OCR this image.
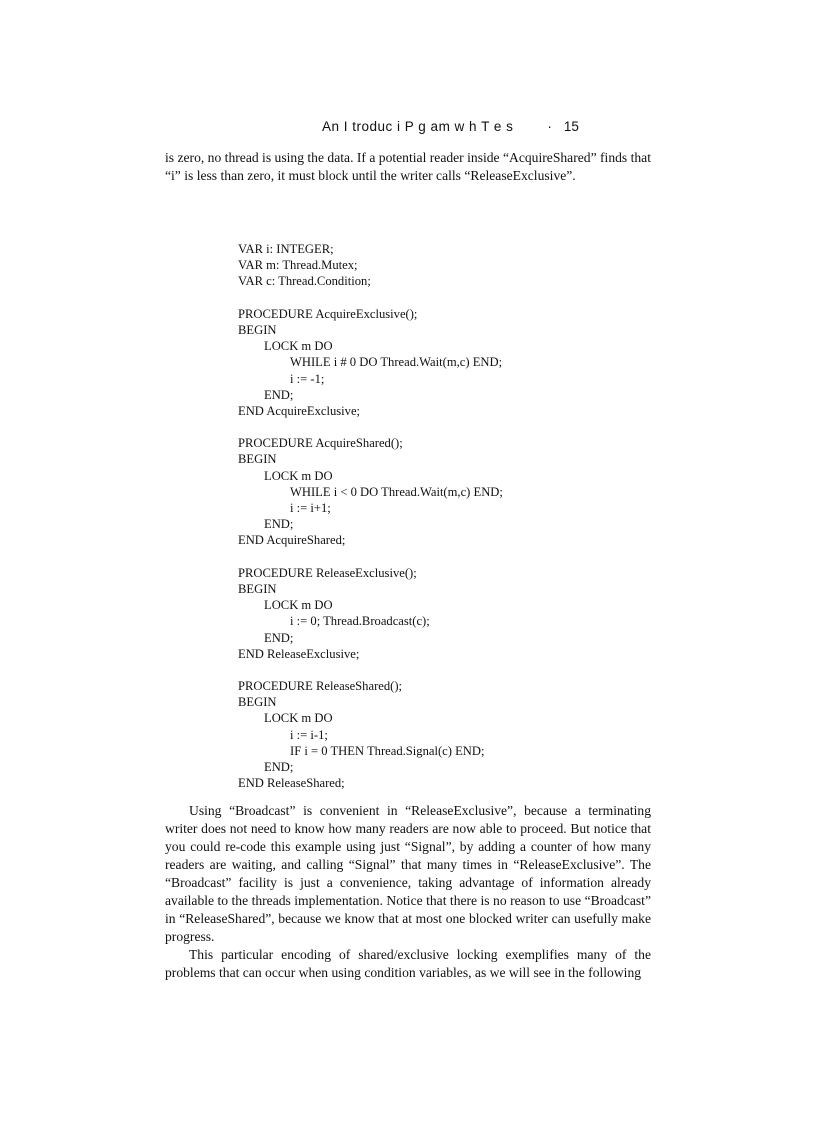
An I troduc i P g am w h T e s	· 15

is zero, no thread is using the data. If a potential reader inside “AcquireShared” finds that “i” is less than zero, it must block until the writer calls “ReleaseExclusive”.

VAR i: INTEGER;
VAR m: Thread.Mutex;
VAR c: Thread.Condition;
PROCEDURE AcquireExclusive();
BEGIN
LOCK m DO
WHILE i # 0 DO Thread.Wait(m,c) END;
i := -1;
END;
END AcquireExclusive;
PROCEDURE AcquireShared();
BEGIN
LOCK m DO
WHILE i < 0 DO Thread.Wait(m,c) END;
i := i+1;
END;
END AcquireShared;
PROCEDURE ReleaseExclusive();
BEGIN
LOCK m DO
i := 0; Thread.Broadcast(c);
END;
END ReleaseExclusive;
PROCEDURE ReleaseShared();
BEGIN
LOCK m DO
i := i-1;
IF i = 0 THEN Thread.Signal(c) END;
END;
END ReleaseShared;
Using “Broadcast” is convenient in “ReleaseExclusive”, because a terminating writer does not need to know how many readers are now able to proceed. But notice that you could re-code this example using just “Signal”, by adding a counter of how many readers are waiting, and calling “Signal” that many times in “ReleaseExclusive”. The “Broadcast” facility is just a convenience, taking advantage of information already available to the threads implementation. Notice that there is no reason to use “Broadcast” in “ReleaseShared”, because we know that at most one blocked writer can usefully make progress.
This particular encoding of shared/exclusive locking exemplifies many of the problems that can occur when using condition variables, as we will see in the following
